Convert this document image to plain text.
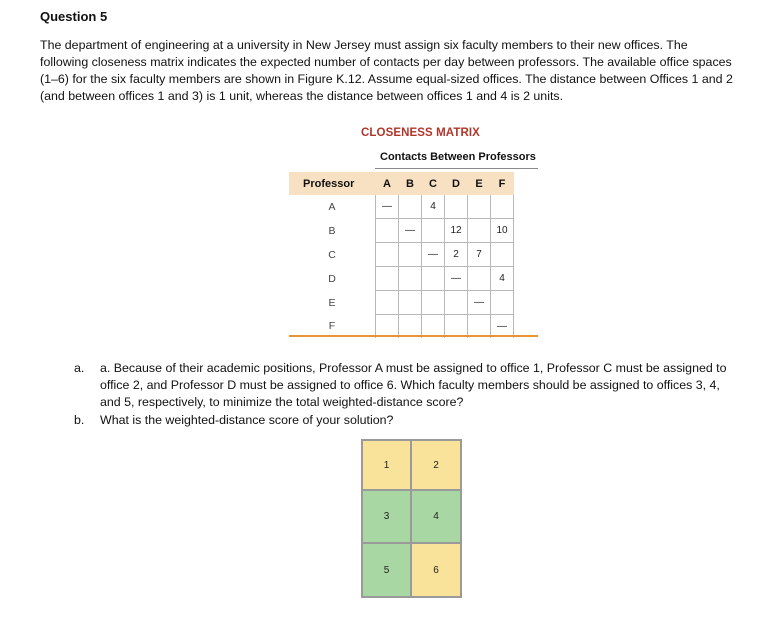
Question 5
The department of engineering at a university in New Jersey must assign six faculty members to their new offices. The following closeness matrix indicates the expected number of contacts per day between professors. The available office spaces (1–6) for the six faculty members are shown in Figure K.12. Assume equal-sized offices. The distance between Offices 1 and 2 (and between offices 1 and 3) is 1 unit, whereas the distance between offices 1 and 4 is 2 units.
CLOSENESS MATRIX
Contacts Between Professors
Professor	A	B	C	D	E	F
A	—		4			
B		—		12		10
C			—	2	7	
D				—		4
E					—	
F						—
a. a. Because of their academic positions, Professor A must be assigned to office 1, Professor C must be assigned to office 2, and Professor D must be assigned to office 6. Which faculty members should be assigned to offices 3, 4, and 5, respectively, to minimize the total weighted-distance score?
b. What is the weighted-distance score of your solution?
1	2
3	4
5	6
